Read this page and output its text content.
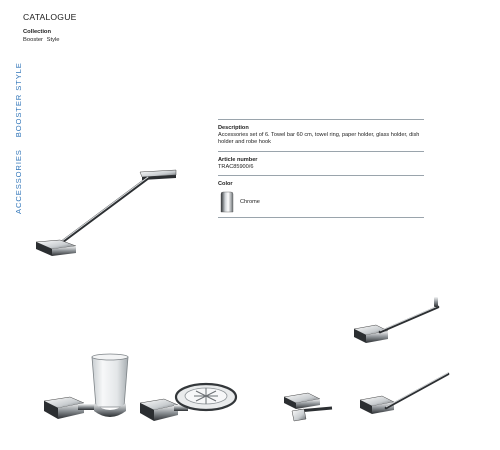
CATALOGUE
Collection
Booster Style
ACCESSORIESBOOSTER STYLE	Description
Accessories set of 6. Towel bar 60 cm, towel ring, paper holder, glass holder, dish holder and robe hook
Article number
TRAC85900/6
Color
Chrome
